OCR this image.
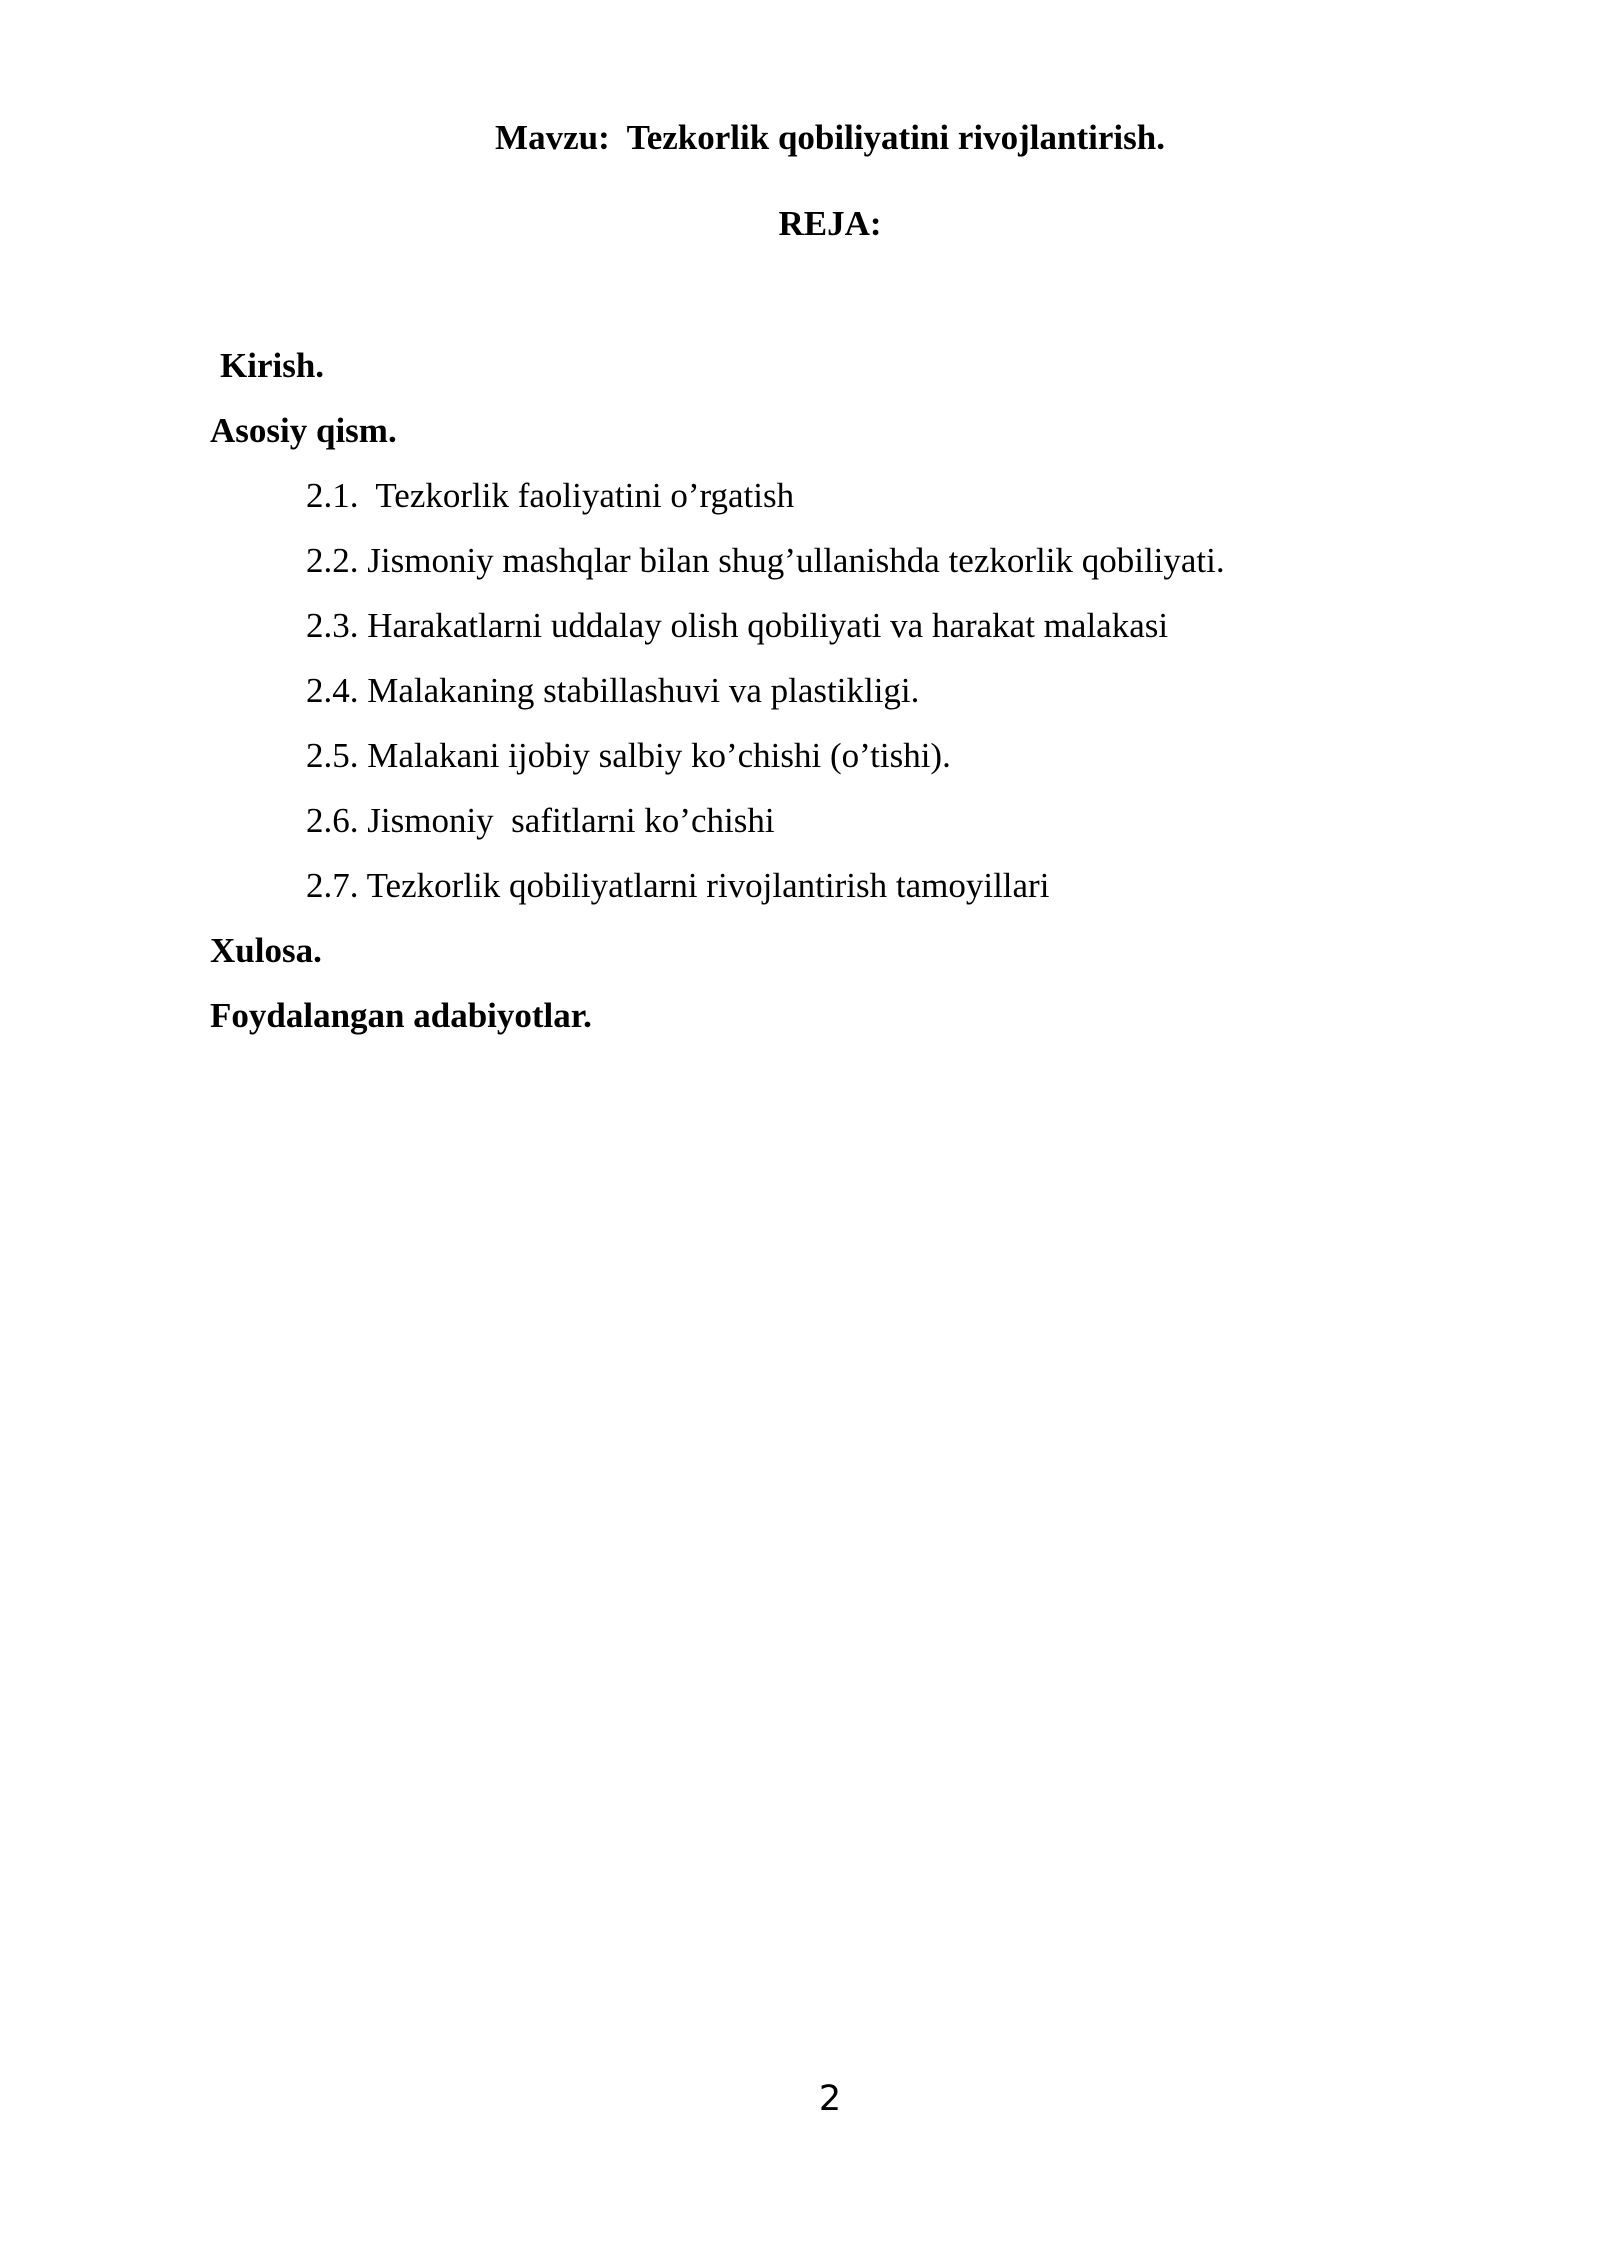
Mavzu:  Tezkorlik qobiliyatini rivojlantirish.
REJA:
Kirish.
Asosiy qism.
2.1.  Tezkorlik faoliyatini o’rgatish
2.2. Jismoniy mashqlar bilan shug’ullanishda tezkorlik qobiliyati.
2.3. Harakatlarni uddalay olish qobiliyati va harakat malakasi
2.4. Malakaning stabillashuvi va plastikligi.
2.5. Malakani ijobiy salbiy ko’chishi (o’tishi).
2.6. Jismoniy  safitlarni ko’chishi
2.7. Tezkorlik qobiliyatlarni rivojlantirish tamoyillari
Xulosa.
Foydalangan adabiyotlar.
2
